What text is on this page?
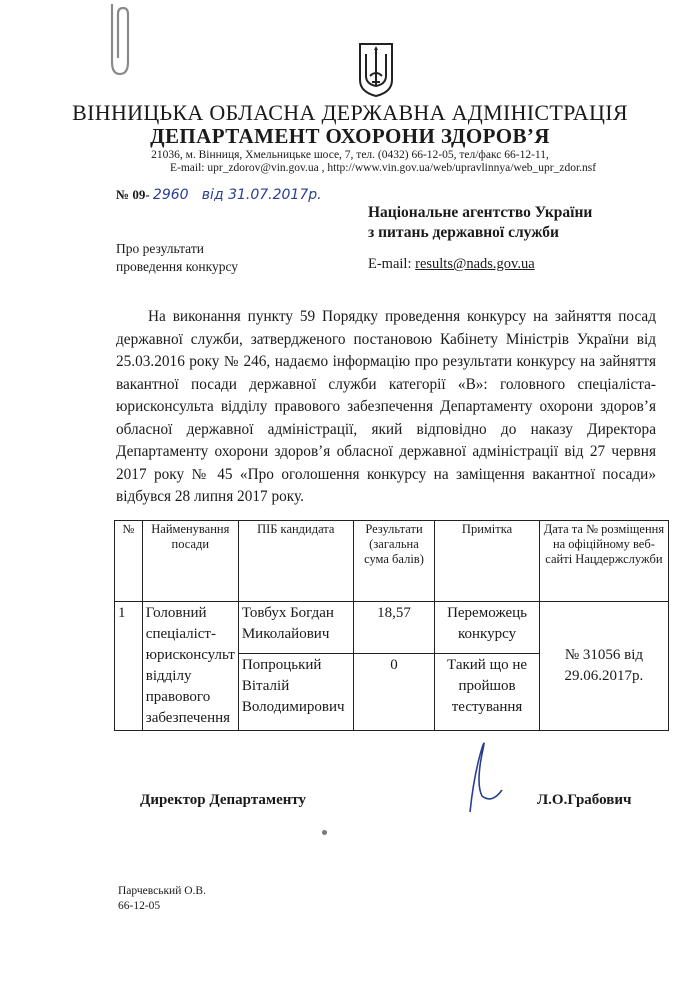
ВІННИЦЬКА ОБЛАСНА ДЕРЖАВНА АДМІНІСТРАЦІЯ
ДЕПАРТАМЕНТ ОХОРОНИ ЗДОРОВ’Я
21036, м. Вінниця, Хмельницьке шосе, 7, тел. (0432) 66-12-05, тел/факс 66-12-11,
E-mail: upr_zdorov@vin.gov.ua , http://www.vin.gov.ua/web/upravlinnya/web_upr_zdor.nsf
№ 09- 2960 від 31.07.2017р.
Національне агентство України
з питань державної служби
Про результати
проведення конкурсу	E-mail: results@nads.gov.ua

На виконання пункту 59 Порядку проведення конкурсу на зайняття посад державної служби, затвердженого постановою Кабінету Міністрів України від 25.03.2016 року № 246, надаємо інформацію про результати конкурсу на зайняття вакантної посади державної служби категорії «В»: головного спеціаліста-юрисконсульта відділу правового забезпечення Департаменту охорони здоров’я обласної державної адміністрації, який відповідно до наказу Директора Департаменту охорони здоров’я обласної державної адміністрації від 27 червня 2017 року № 45 «Про оголошення конкурсу на заміщення вакантної посади» відбувся 28 липня 2017 року.

№	Найменування посади	ПІБ кандидата	Результати (загальна сума балів)	Примітка	Дата та № розміщення на офіційному веб-сайті Нацдержслужби
1	Головний спеціаліст-юрисконсульт відділу правового забезпечення	Товбух Богдан Миколайович	18,57	Переможець конкурсу	№ 31056 від 29.06.2017р.
		Попроцький Віталій Володимирович	0	Такий що не пройшов тестування	
Директор Департаменту	Л.О.Грабович
Парчевський О.В.
66-12-05
